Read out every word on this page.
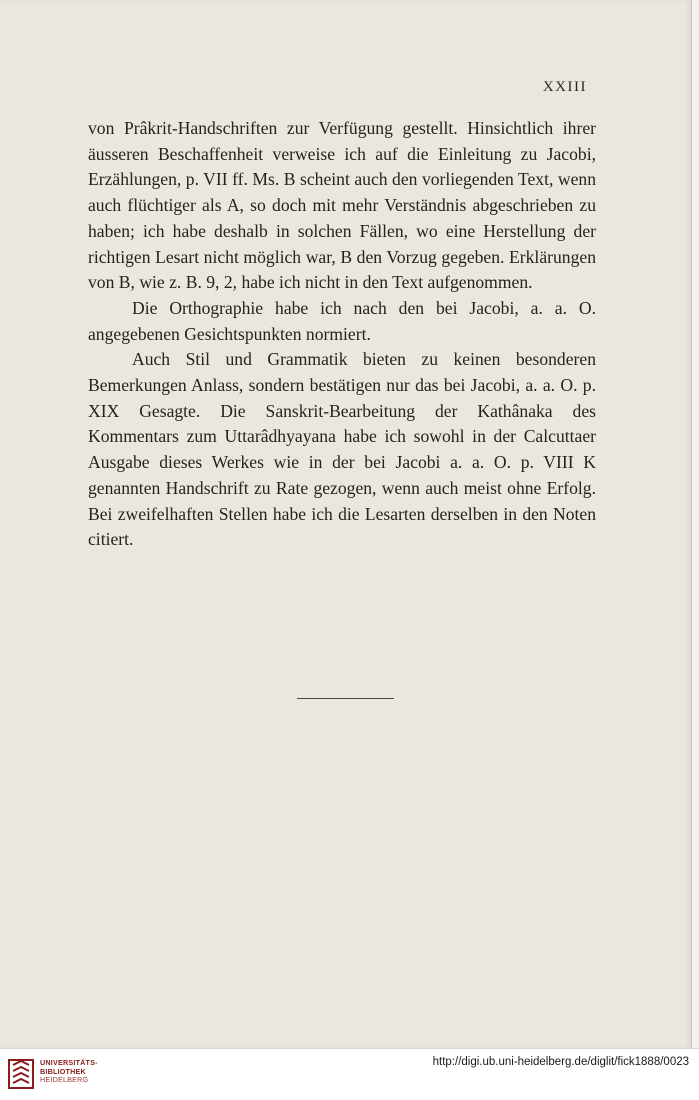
XXIII

von Prâkrit-Handschriften zur Verfügung gestellt. Hinsichtlich ihrer äusseren Beschaffenheit verweise ich auf die Einleitung zu Jacobi, Erzählungen, p. VII ff. Ms. B scheint auch den vorliegenden Text, wenn auch flüchtiger als A, so doch mit mehr Verständnis abgeschrieben zu haben; ich habe deshalb in solchen Fällen, wo eine Herstellung der richtigen Lesart nicht möglich war, B den Vorzug gegeben. Erklärungen von B, wie z. B. 9, 2, habe ich nicht in den Text aufgenommen.

Die Orthographie habe ich nach den bei Jacobi, a. a. O. angegebenen Gesichtspunkten normiert.

Auch Stil und Grammatik bieten zu keinen besonderen Bemerkungen Anlass, sondern bestätigen nur das bei Jacobi, a. a. O. p. XIX Gesagte. Die Sanskrit-Bearbeitung der Kathânaka des Kommentars zum Uttarâdhyayana habe ich sowohl in der Calcuttaer Ausgabe dieses Werkes wie in der bei Jacobi a. a. O. p. VIII K genannten Handschrift zu Rate gezogen, wenn auch meist ohne Erfolg. Bei zweifelhaften Stellen habe ich die Lesarten derselben in den Noten citiert.

UNIVERSITÄTS-
BIBLIOTHEK
HEIDELBERG
http://digi.ub.uni-heidelberg.de/diglit/fick1888/0023
